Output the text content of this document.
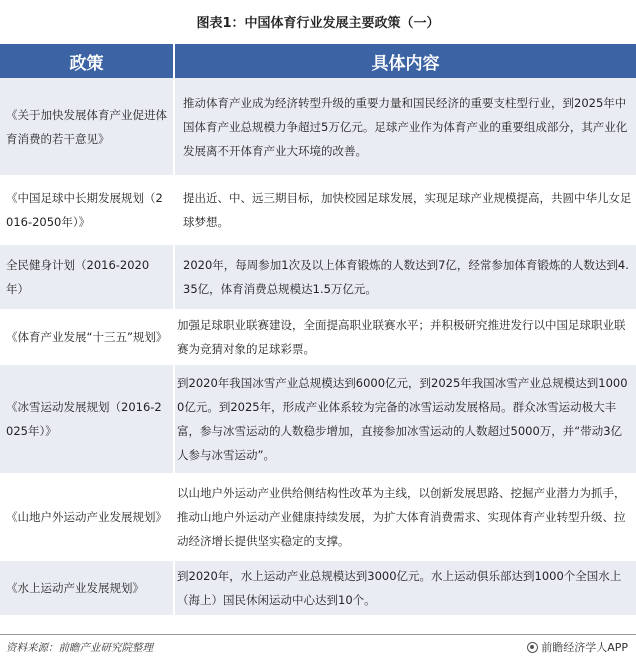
图表1：中国体育行业发展主要政策（一）
政策	具体内容
《关于加快发展体育产业促进体育消费的若干意见》	推动体育产业成为经济转型升级的重要力量和国民经济的重要支柱型行业，到2025年中国体育产业总规模力争超过5万亿元。足球产业作为体育产业的重要组成部分，其产业化发展离不开体育产业大环境的改善。
《中国足球中长期发展规划（2016-2050年）》	提出近、中、远三期目标，加快校园足球发展，实现足球产业规模提高，共圆中华儿女足球梦想。
全民健身计划（2016-2020 年）	2020年，每周参加1次及以上体育锻炼的人数达到7亿，经常参加体育锻炼的人数达到4.35亿，体育消费总规模达1.5万亿元。
《体育产业发展“十三五”规划》	加强足球职业联赛建设，全面提高职业联赛水平；并积极研究推进发行以中国足球职业联赛为竞猜对象的足球彩票。
《冰雪运动发展规划（2016-2025年）》	到2020年我国冰雪产业总规模达到6000亿元，到2025年我国冰雪产业总规模达到10000亿元。到2025年，形成产业体系较为完备的冰雪运动发展格局。群众冰雪运动极大丰富，参与冰雪运动的人数稳步增加，直接参加冰雪运动的人数超过5000万，并“带动3亿人参与冰雪运动”。
《山地户外运动产业发展规划》	以山地户外运动产业供给侧结构性改革为主线，以创新发展思路、挖掘产业潜力为抓手，推动山地户外运动产业健康持续发展，为扩大体育消费需求、实现体育产业转型升级、拉动经济增长提供坚实稳定的支撑。
《水上运动产业发展规划》	到2020年，水上运动产业总规模达到3000亿元。水上运动俱乐部达到1000个全国水上（海上）国民休闲运动中心达到10个。
资料来源：前瞻产业研究院整理	前瞻经济学人APP
